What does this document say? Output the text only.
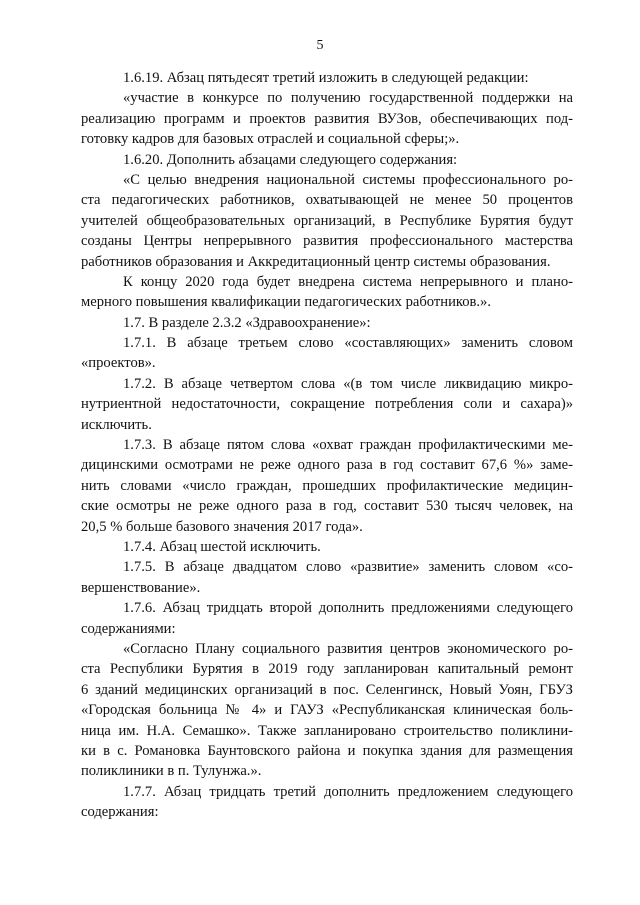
5
1.6.19. Абзац пятьдесят третий изложить в следующей редакции:
«участие в конкурсе по получению государственной поддержки на
реализацию программ и проектов развития ВУЗов, обеспечивающих под-
готовку кадров для базовых отраслей и социальной сферы;».
1.6.20. Дополнить абзацами следующего содержания:
«С целью внедрения национальной системы профессионального ро-
ста педагогических работников, охватывающей не менее 50 процентов
учителей общеобразовательных организаций, в Республике Бурятия будут
созданы Центры непрерывного развития профессионального мастерства
работников образования и Аккредитационный центр системы образования.
К концу 2020 года будет внедрена система непрерывного и плано-
мерного повышения квалификации педагогических работников.».
1.7. В разделе 2.3.2 «Здравоохранение»:
1.7.1. В абзаце третьем слово «составляющих» заменить словом
«проектов».
1.7.2. В абзаце четвертом слова «(в том числе ликвидацию микро-
нутриентной недостаточности, сокращение потребления соли и сахара)»
исключить.
1.7.3. В абзаце пятом слова «охват граждан профилактическими ме-
дицинскими осмотрами не реже одного раза в год составит 67,6 %» заме-
нить словами «число граждан, прошедших профилактические медицин-
ские осмотры не реже одного раза в год, составит 530 тысяч человек, на
20,5 % больше базового значения 2017 года».
1.7.4. Абзац шестой исключить.
1.7.5. В абзаце двадцатом слово «развитие» заменить словом «со-
вершенствование».
1.7.6. Абзац тридцать второй дополнить предложениями следующего
содержаниями:
«Согласно Плану социального развития центров экономического ро-
ста Республики Бурятия в 2019 году запланирован капитальный ремонт
6 зданий медицинских организаций в пос. Селенгинск, Новый Уоян, ГБУЗ
«Городская больница № 4» и ГАУЗ «Республиканская клиническая боль-
ница им. Н.А. Семашко». Также запланировано строительство поликлини-
ки в с. Романовка Баунтовского района и покупка здания для размещения
поликлиники в п. Тулунжа.».
1.7.7. Абзац тридцать третий дополнить предложением следующего
содержания:
